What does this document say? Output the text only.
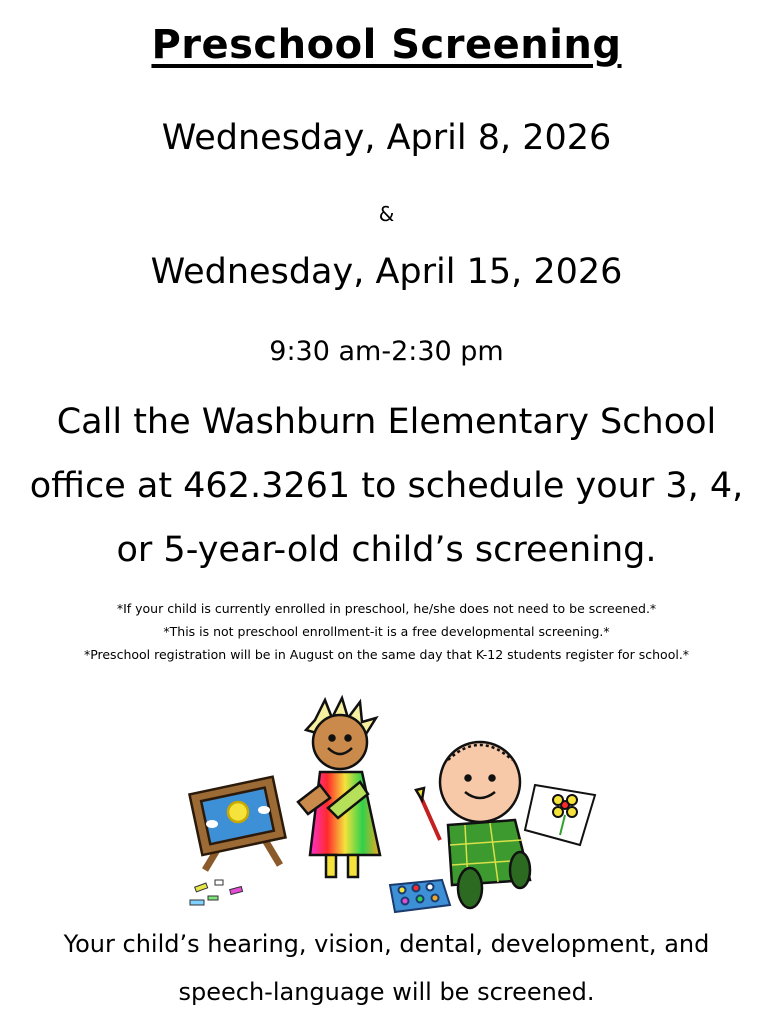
Preschool Screening
Wednesday, April 8, 2026
&
Wednesday, April 15, 2026
9:30 am-2:30 pm
Call the Washburn Elementary School
office at 462.3261 to schedule your 3, 4,
or 5-year-old child’s screening.
*If your child is currently enrolled in preschool, he/she does not need to be screened.*
*This is not preschool enrollment-it is a free developmental screening.*
*Preschool registration will be in August on the same day that K-12 students register for school.*
Your child’s hearing, vision, dental, development, and
speech-language will be screened.
